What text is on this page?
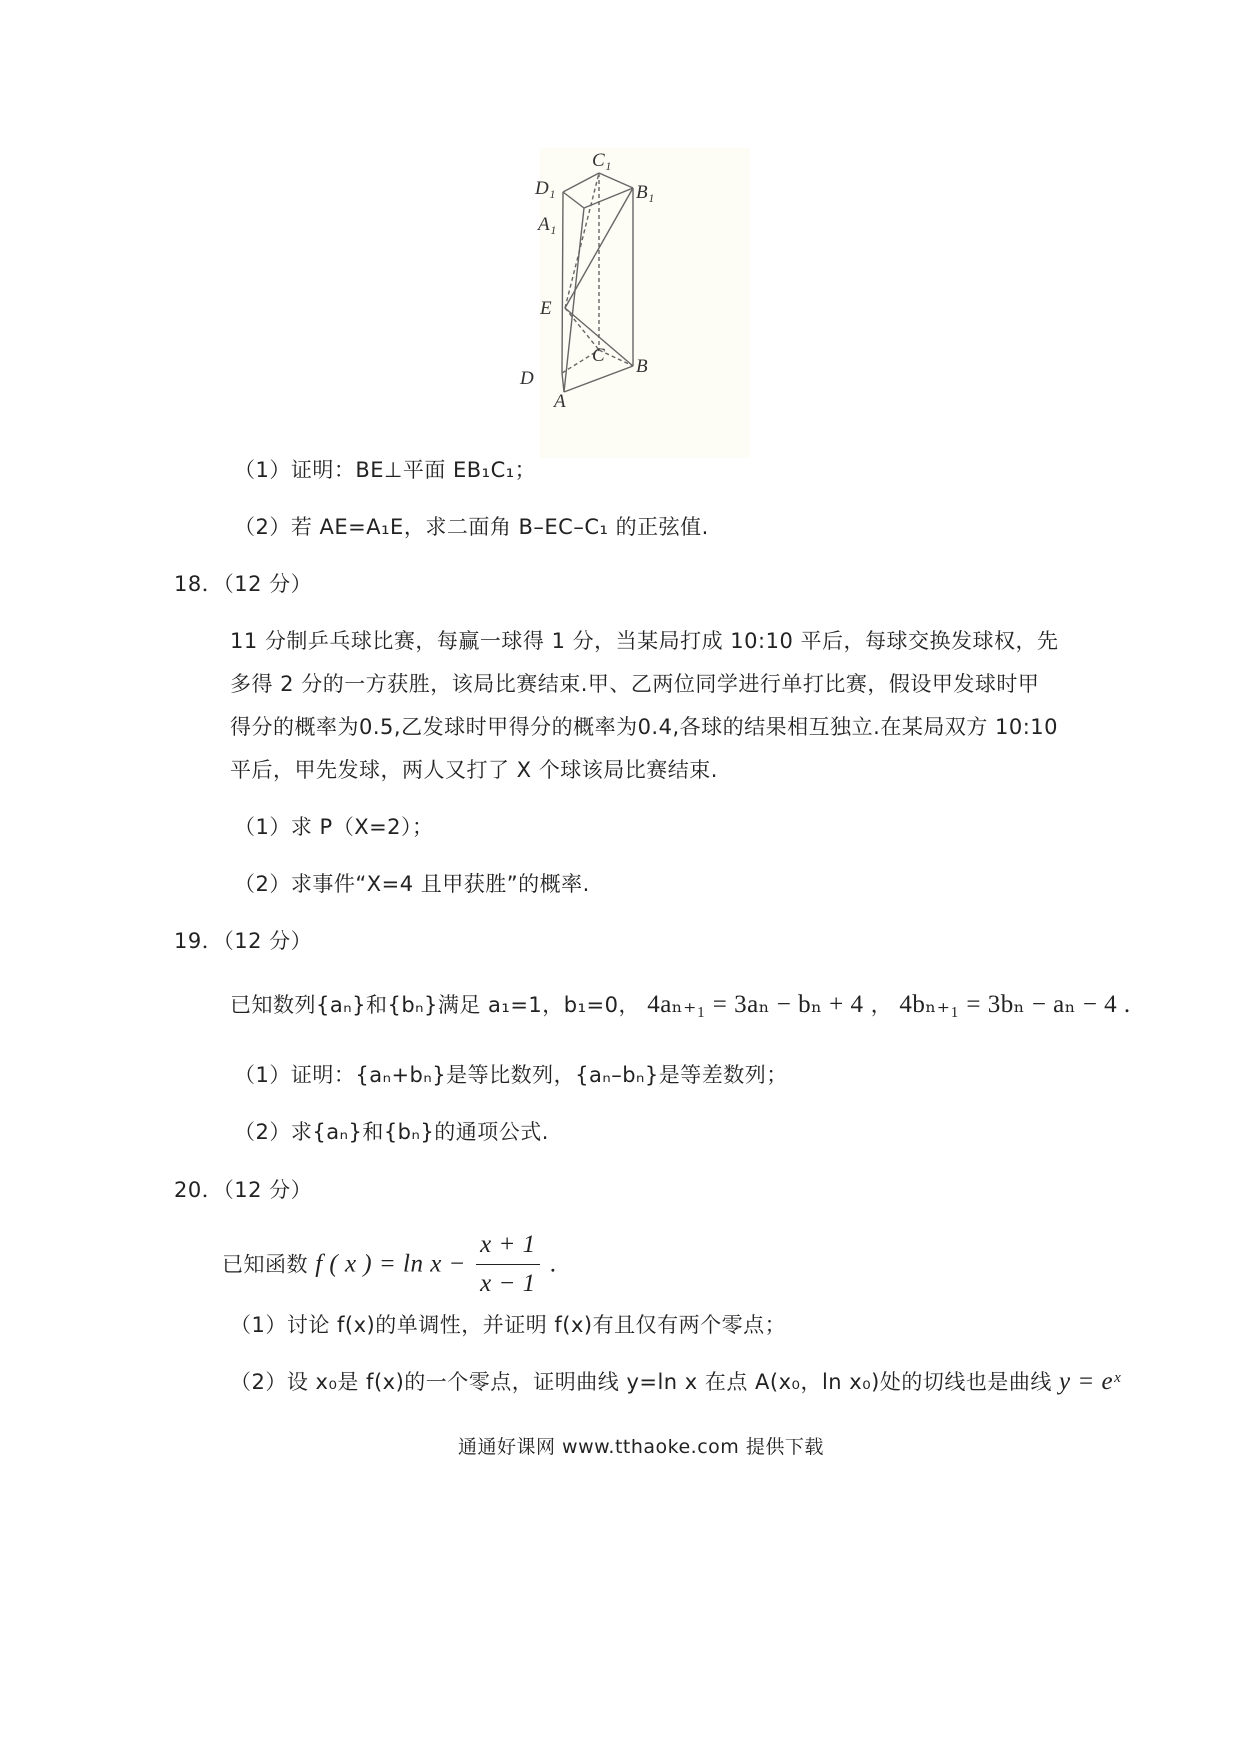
C₁
D₁	B₁
A₁
E
C
D
B
A
（1）证明：BE⊥平面 EB₁C₁；
（2）若 AE=A₁E，求二面角 B–EC–C₁ 的正弦值.
18．（12 分）
11 分制乒乓球比赛，每赢一球得 1 分，当某局打成 10:10 平后，每球交换发球权，先
多得 2 分的一方获胜，该局比赛结束.甲、乙两位同学进行单打比赛，假设甲发球时甲
得分的概率为0.5,乙发球时甲得分的概率为0.4,各球的结果相互独立.在某局双方 10:10
平后，甲先发球，两人又打了 X 个球该局比赛结束.
（1）求 P（X=2）；
（2）求事件“X=4 且甲获胜”的概率.
19．（12 分）
已知数列{aₙ}和{bₙ}满足 a₁=1，b₁=0， 4aₙ₊₁ = 3aₙ − bₙ + 4 ， 4bₙ₊₁ = 3bₙ − aₙ − 4 .
（1）证明：{aₙ+bₙ}是等比数列，{aₙ–bₙ}是等差数列；
（2）求{aₙ}和{bₙ}的通项公式.
20．（12 分）
已知函数 f ( x ) = $\ln x - \frac{x + 1}{x - 1}$ .
（1）讨论 f(x)的单调性，并证明 f(x)有且仅有两个零点；
（2）设 x₀是 f(x)的一个零点，证明曲线 y=ln x 在点 A(x₀，ln x₀)处的切线也是曲线 y = eˣ
通通好课网 www.tthaoke.com 提供下载
